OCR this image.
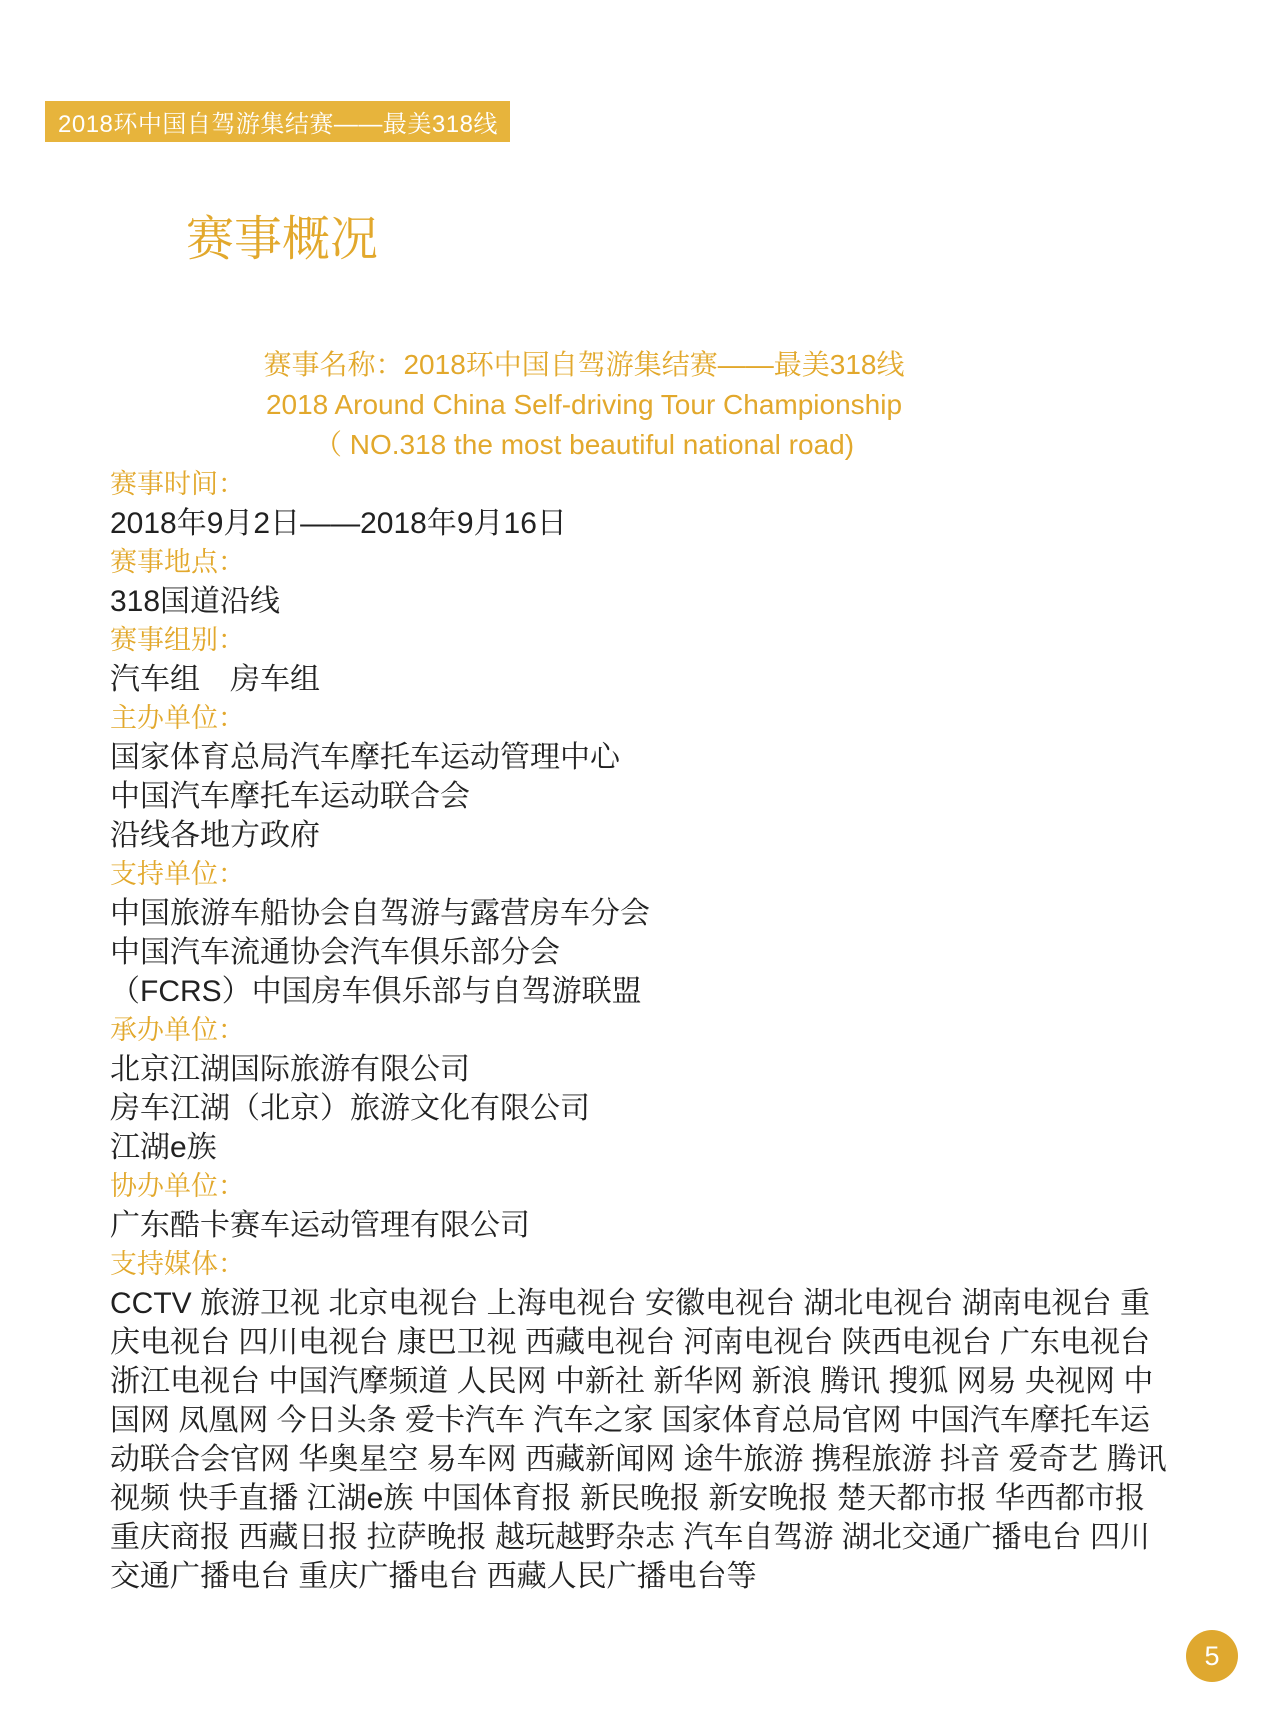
2018环中国自驾游集结赛——最美318线
赛事概况
赛事名称：2018环中国自驾游集结赛——最美318线
2018 Around China Self-driving Tour Championship
（ NO.318 the most beautiful national road)
赛事时间：
2018年9月2日——2018年9月16日
赛事地点：
318国道沿线
赛事组别：
汽车组　房车组
主办单位：
国家体育总局汽车摩托车运动管理中心
中国汽车摩托车运动联合会
沿线各地方政府
支持单位：
中国旅游车船协会自驾游与露营房车分会
中国汽车流通协会汽车俱乐部分会
（FCRS）中国房车俱乐部与自驾游联盟
承办单位：
北京江湖国际旅游有限公司
房车江湖（北京）旅游文化有限公司
江湖e族
协办单位：
广东酷卡赛车运动管理有限公司
支持媒体：
CCTV 旅游卫视 北京电视台 上海电视台 安徽电视台 湖北电视台 湖南电视台 重庆电视台 四川电视台 康巴卫视 西藏电视台 河南电视台 陕西电视台 广东电视台 浙江电视台 中国汽摩频道 人民网 中新社 新华网 新浪 腾讯 搜狐 网易 央视网 中国网 凤凰网 今日头条 爱卡汽车 汽车之家 国家体育总局官网 中国汽车摩托车运动联合会官网 华奥星空 易车网 西藏新闻网 途牛旅游 携程旅游 抖音 爱奇艺 腾讯视频 快手直播 江湖e族 中国体育报 新民晚报 新安晚报 楚天都市报 华西都市报 重庆商报 西藏日报 拉萨晚报 越玩越野杂志 汽车自驾游 湖北交通广播电台 四川交通广播电台 重庆广播电台 西藏人民广播电台等
5
